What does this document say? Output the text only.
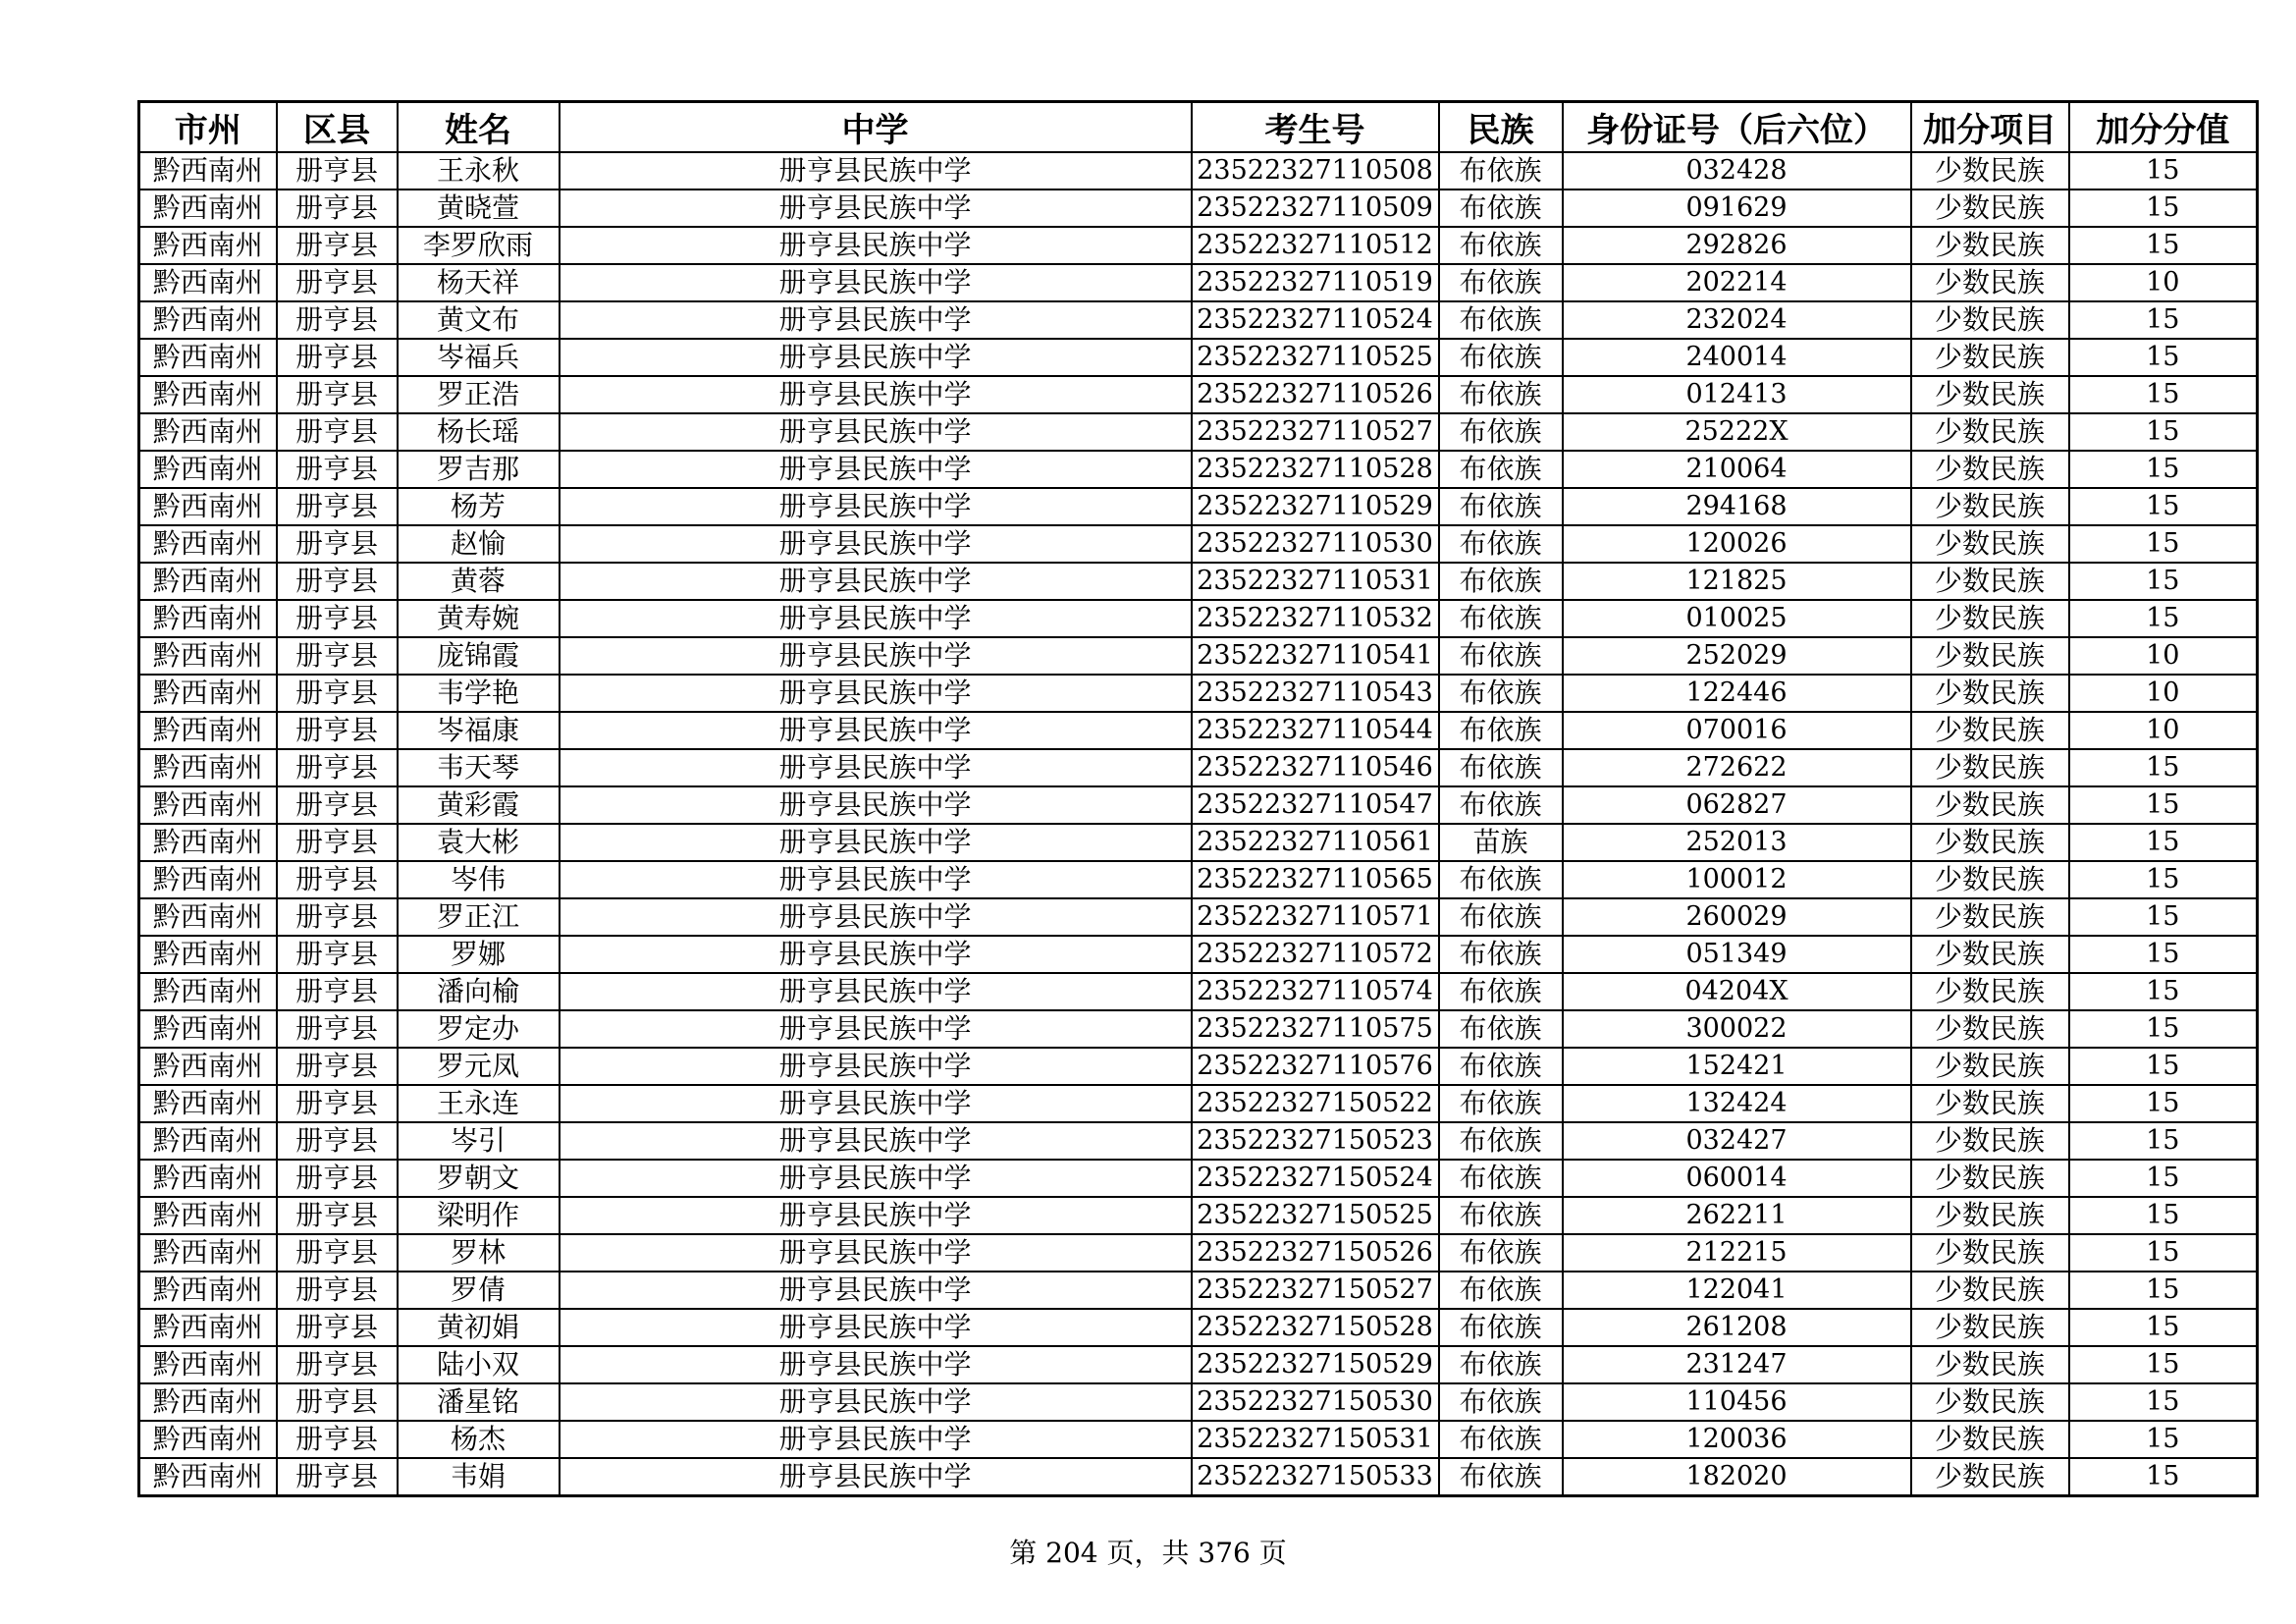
市州	区县	姓名	中学	考生号	民族	身份证号（后六位）	加分项目	加分分值
黔西南州	册亨县	王永秋	册亨县民族中学	23522327110508	布依族	032428	少数民族	15
黔西南州	册亨县	黄晓萱	册亨县民族中学	23522327110509	布依族	091629	少数民族	15
黔西南州	册亨县	李罗欣雨	册亨县民族中学	23522327110512	布依族	292826	少数民族	15
黔西南州	册亨县	杨天祥	册亨县民族中学	23522327110519	布依族	202214	少数民族	10
黔西南州	册亨县	黄文布	册亨县民族中学	23522327110524	布依族	232024	少数民族	15
黔西南州	册亨县	岑福兵	册亨县民族中学	23522327110525	布依族	240014	少数民族	15
黔西南州	册亨县	罗正浩	册亨县民族中学	23522327110526	布依族	012413	少数民族	15
黔西南州	册亨县	杨长瑶	册亨县民族中学	23522327110527	布依族	25222X	少数民族	15
黔西南州	册亨县	罗吉那	册亨县民族中学	23522327110528	布依族	210064	少数民族	15
黔西南州	册亨县	杨芳	册亨县民族中学	23522327110529	布依族	294168	少数民族	15
黔西南州	册亨县	赵愉	册亨县民族中学	23522327110530	布依族	120026	少数民族	15
黔西南州	册亨县	黄蓉	册亨县民族中学	23522327110531	布依族	121825	少数民族	15
黔西南州	册亨县	黄寿婉	册亨县民族中学	23522327110532	布依族	010025	少数民族	15
黔西南州	册亨县	庞锦霞	册亨县民族中学	23522327110541	布依族	252029	少数民族	10
黔西南州	册亨县	韦学艳	册亨县民族中学	23522327110543	布依族	122446	少数民族	10
黔西南州	册亨县	岑福康	册亨县民族中学	23522327110544	布依族	070016	少数民族	10
黔西南州	册亨县	韦天琴	册亨县民族中学	23522327110546	布依族	272622	少数民族	15
黔西南州	册亨县	黄彩霞	册亨县民族中学	23522327110547	布依族	062827	少数民族	15
黔西南州	册亨县	袁大彬	册亨县民族中学	23522327110561	苗族	252013	少数民族	15
黔西南州	册亨县	岑伟	册亨县民族中学	23522327110565	布依族	100012	少数民族	15
黔西南州	册亨县	罗正江	册亨县民族中学	23522327110571	布依族	260029	少数民族	15
黔西南州	册亨县	罗娜	册亨县民族中学	23522327110572	布依族	051349	少数民族	15
黔西南州	册亨县	潘向榆	册亨县民族中学	23522327110574	布依族	04204X	少数民族	15
黔西南州	册亨县	罗定办	册亨县民族中学	23522327110575	布依族	300022	少数民族	15
黔西南州	册亨县	罗元凤	册亨县民族中学	23522327110576	布依族	152421	少数民族	15
黔西南州	册亨县	王永连	册亨县民族中学	23522327150522	布依族	132424	少数民族	15
黔西南州	册亨县	岑引	册亨县民族中学	23522327150523	布依族	032427	少数民族	15
黔西南州	册亨县	罗朝文	册亨县民族中学	23522327150524	布依族	060014	少数民族	15
黔西南州	册亨县	梁明作	册亨县民族中学	23522327150525	布依族	262211	少数民族	15
黔西南州	册亨县	罗林	册亨县民族中学	23522327150526	布依族	212215	少数民族	15
黔西南州	册亨县	罗倩	册亨县民族中学	23522327150527	布依族	122041	少数民族	15
黔西南州	册亨县	黄初娟	册亨县民族中学	23522327150528	布依族	261208	少数民族	15
黔西南州	册亨县	陆小双	册亨县民族中学	23522327150529	布依族	231247	少数民族	15
黔西南州	册亨县	潘星铭	册亨县民族中学	23522327150530	布依族	110456	少数民族	15
黔西南州	册亨县	杨杰	册亨县民族中学	23522327150531	布依族	120036	少数民族	15
黔西南州	册亨县	韦娟	册亨县民族中学	23522327150533	布依族	182020	少数民族	15
第 204 页，共 376 页
